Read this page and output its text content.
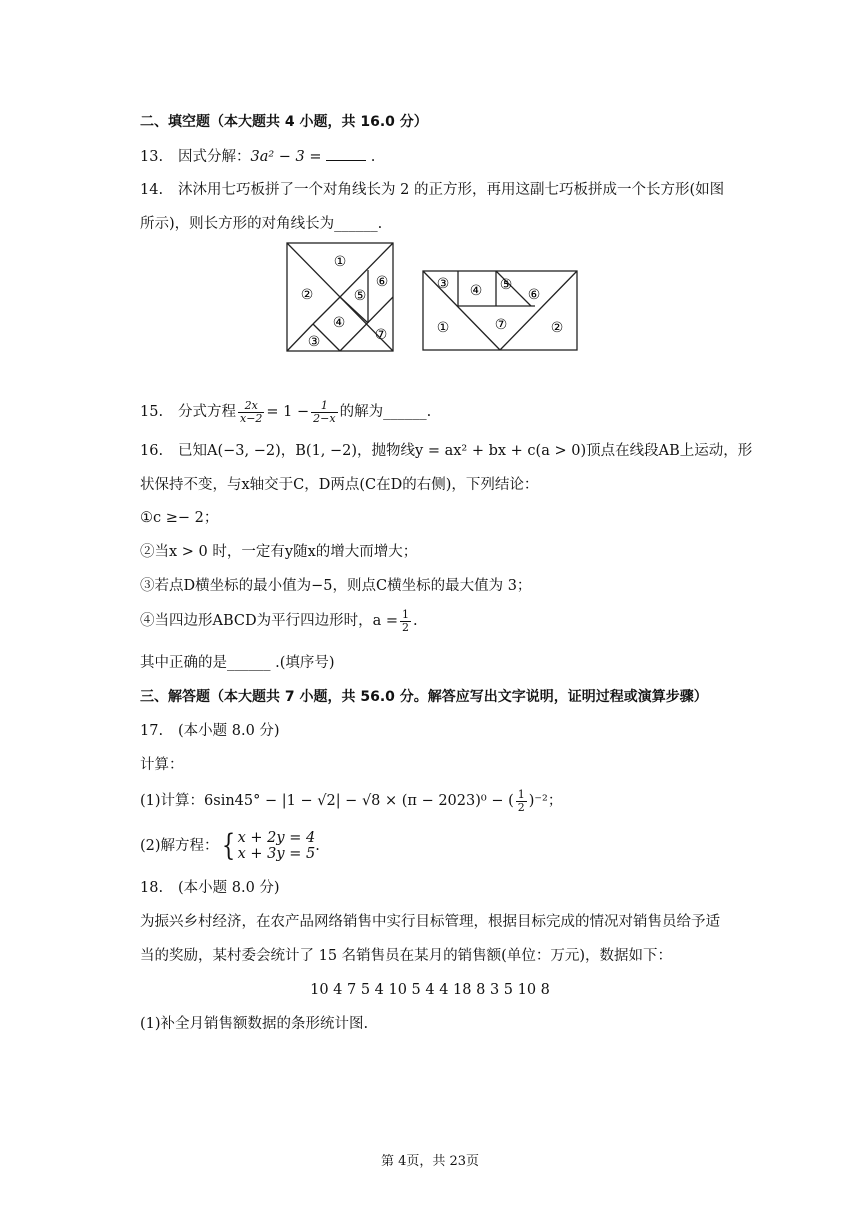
二、填空题（本大题共 4 小题，共 16.0 分）
13. 因式分解：3a² − 3 =	.
14. 沐沐用七巧板拼了一个对角线长为 2 的正方形，再用这副七巧板拼成一个长方形(如图
所示)，则长方形的对角线长为______.
①
②
③
④
⑤
⑥
⑦
③ ④ ⑤
⑥
①	⑦	②
15. 分式方程 $\frac{2x}{x-2} = 1 - \frac{1}{2-x}$ 的解为______.
16. 已知A(−3, −2)，B(1, −2)，抛物线y = ax² + bx + c(a > 0)顶点在线段AB上运动，形
状保持不变，与x轴交于C，D两点(C在D的右侧)，下列结论：
①c ≥− 2；
②当x > 0 时，一定有y随x的增大而增大；
③若点D横坐标的最小值为−5，则点C横坐标的最大值为 3；
④当四边形ABCD为平行四边形时，$a = \frac{1}{2}$ .
其中正确的是______ .(填序号)
三、解答题（本大题共 7 小题，共 56.0 分。解答应写出文字说明，证明过程或演算步骤）
17. (本小题 8.0 分)
计算：
(1)计算：6sin45° − |1 − √2| − √8 × (π − 2023)⁰ − ( $\frac{1}{2} )^{-2}$；
(2)解方程：{ x + 2y = 4
x + 3y = 5 .
18. (本小题 8.0 分)
为振兴乡村经济，在农产品网络销售中实行目标管理，根据目标完成的情况对销售员给予适
当的奖励，某村委会统计了 15 名销售员在某月的销售额(单位：万元)，数据如下：
10 4 7 5 4 10 5 4 4 18 8 3 5 10 8
(1)补全月销售额数据的条形统计图.
第 4页，共 23页
